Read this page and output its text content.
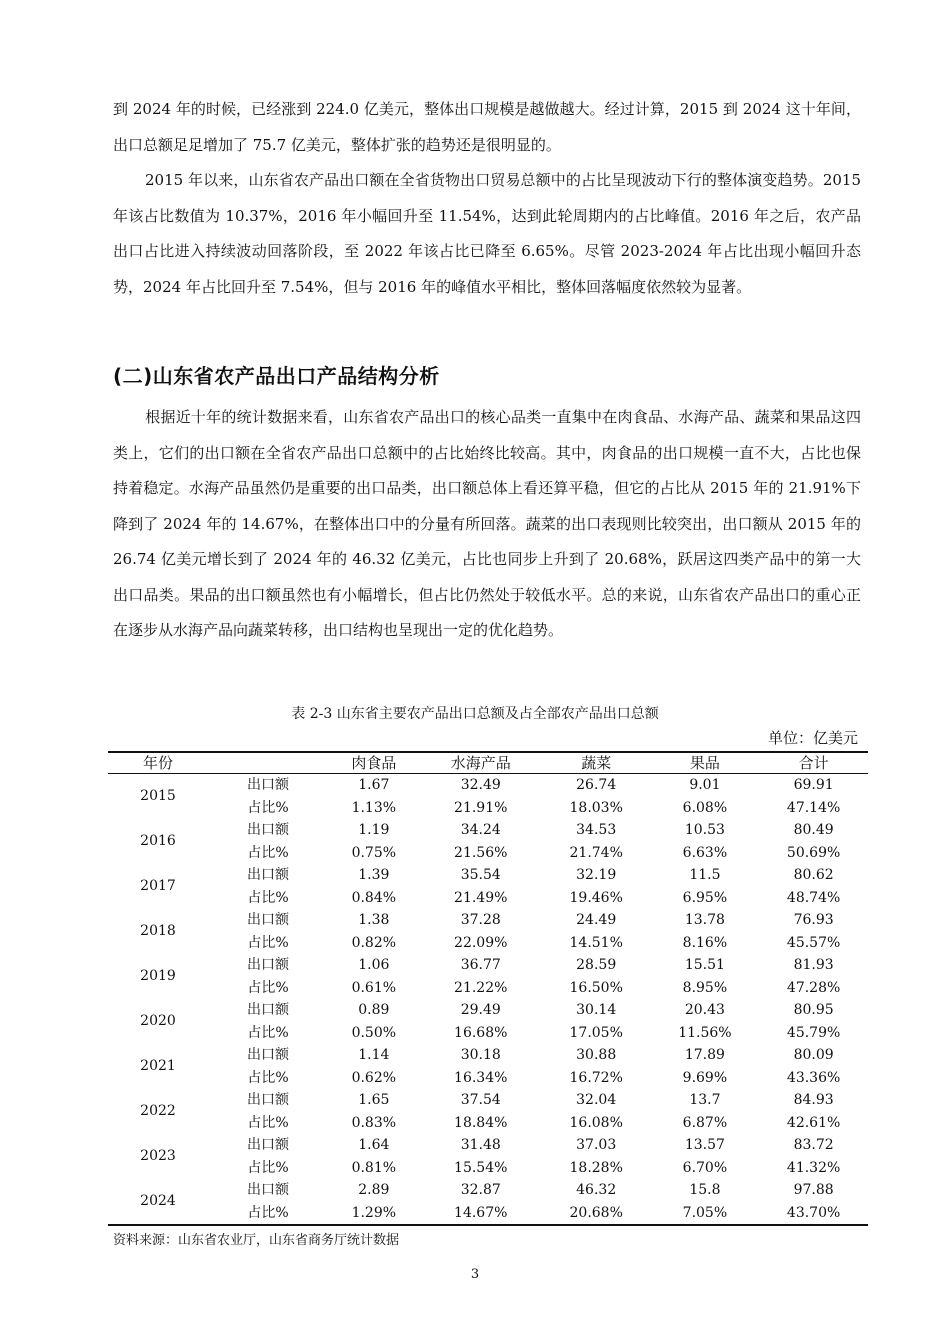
到 2024 年的时候，已经涨到 224.0 亿美元，整体出口规模是越做越大。经过计算，2015 到 2024 这十年间，出口总额足足增加了 75.7 亿美元，整体扩张的趋势还是很明显的。

2015 年以来，山东省农产品出口额在全省货物出口贸易总额中的占比呈现波动下行的整体演变趋势。2015 年该占比数值为 10.37%，2016 年小幅回升至 11.54%，达到此轮周期内的占比峰值。2016 年之后，农产品出口占比进入持续波动回落阶段，至 2022 年该占比已降至 6.65%。尽管 2023-2024 年占比出现小幅回升态势，2024 年占比回升至 7.54%，但与 2016 年的峰值水平相比，整体回落幅度依然较为显著。

(二)山东省农产品出口产品结构分析

根据近十年的统计数据来看，山东省农产品出口的核心品类一直集中在肉食品、水海产品、蔬菜和果品这四类上，它们的出口额在全省农产品出口总额中的占比始终比较高。其中，肉食品的出口规模一直不大，占比也保持着稳定。水海产品虽然仍是重要的出口品类，出口额总体上看还算平稳，但它的占比从 2015 年的 21.91%下降到了 2024 年的 14.67%，在整体出口中的分量有所回落。蔬菜的出口表现则比较突出，出口额从 2015 年的 26.74 亿美元增长到了 2024 年的 46.32 亿美元，占比也同步上升到了 20.68%，跃居这四类产品中的第一大出口品类。果品的出口额虽然也有小幅增长，但占比仍然处于较低水平。总的来说，山东省农产品出口的重心正在逐步从水海产品向蔬菜转移，出口结构也呈现出一定的优化趋势。

表 2-3 山东省主要农产品出口总额及占全部农产品出口总额
单位：亿美元
年份		肉食品	水海产品	蔬菜	果品	合计
2015	出口额	1.67	32.49	26.74	9.01	69.91
	占比%	1.13%	21.91%	18.03%	6.08%	47.14%
2016	出口额	1.19	34.24	34.53	10.53	80.49
	占比%	0.75%	21.56%	21.74%	6.63%	50.69%
2017	出口额	1.39	35.54	32.19	11.5	80.62
	占比%	0.84%	21.49%	19.46%	6.95%	48.74%
2018	出口额	1.38	37.28	24.49	13.78	76.93
	占比%	0.82%	22.09%	14.51%	8.16%	45.57%
2019	出口额	1.06	36.77	28.59	15.51	81.93
	占比%	0.61%	21.22%	16.50%	8.95%	47.28%
2020	出口额	0.89	29.49	30.14	20.43	80.95
	占比%	0.50%	16.68%	17.05%	11.56%	45.79%
2021	出口额	1.14	30.18	30.88	17.89	80.09
	占比%	0.62%	16.34%	16.72%	9.69%	43.36%
2022	出口额	1.65	37.54	32.04	13.7	84.93
	占比%	0.83%	18.84%	16.08%	6.87%	42.61%
2023	出口额	1.64	31.48	37.03	13.57	83.72
	占比%	0.81%	15.54%	18.28%	6.70%	41.32%
2024	出口额	2.89	32.87	46.32	15.8	97.88
	占比%	1.29%	14.67%	20.68%	7.05%	43.70%
资料来源：山东省农业厅，山东省商务厅统计数据
3
